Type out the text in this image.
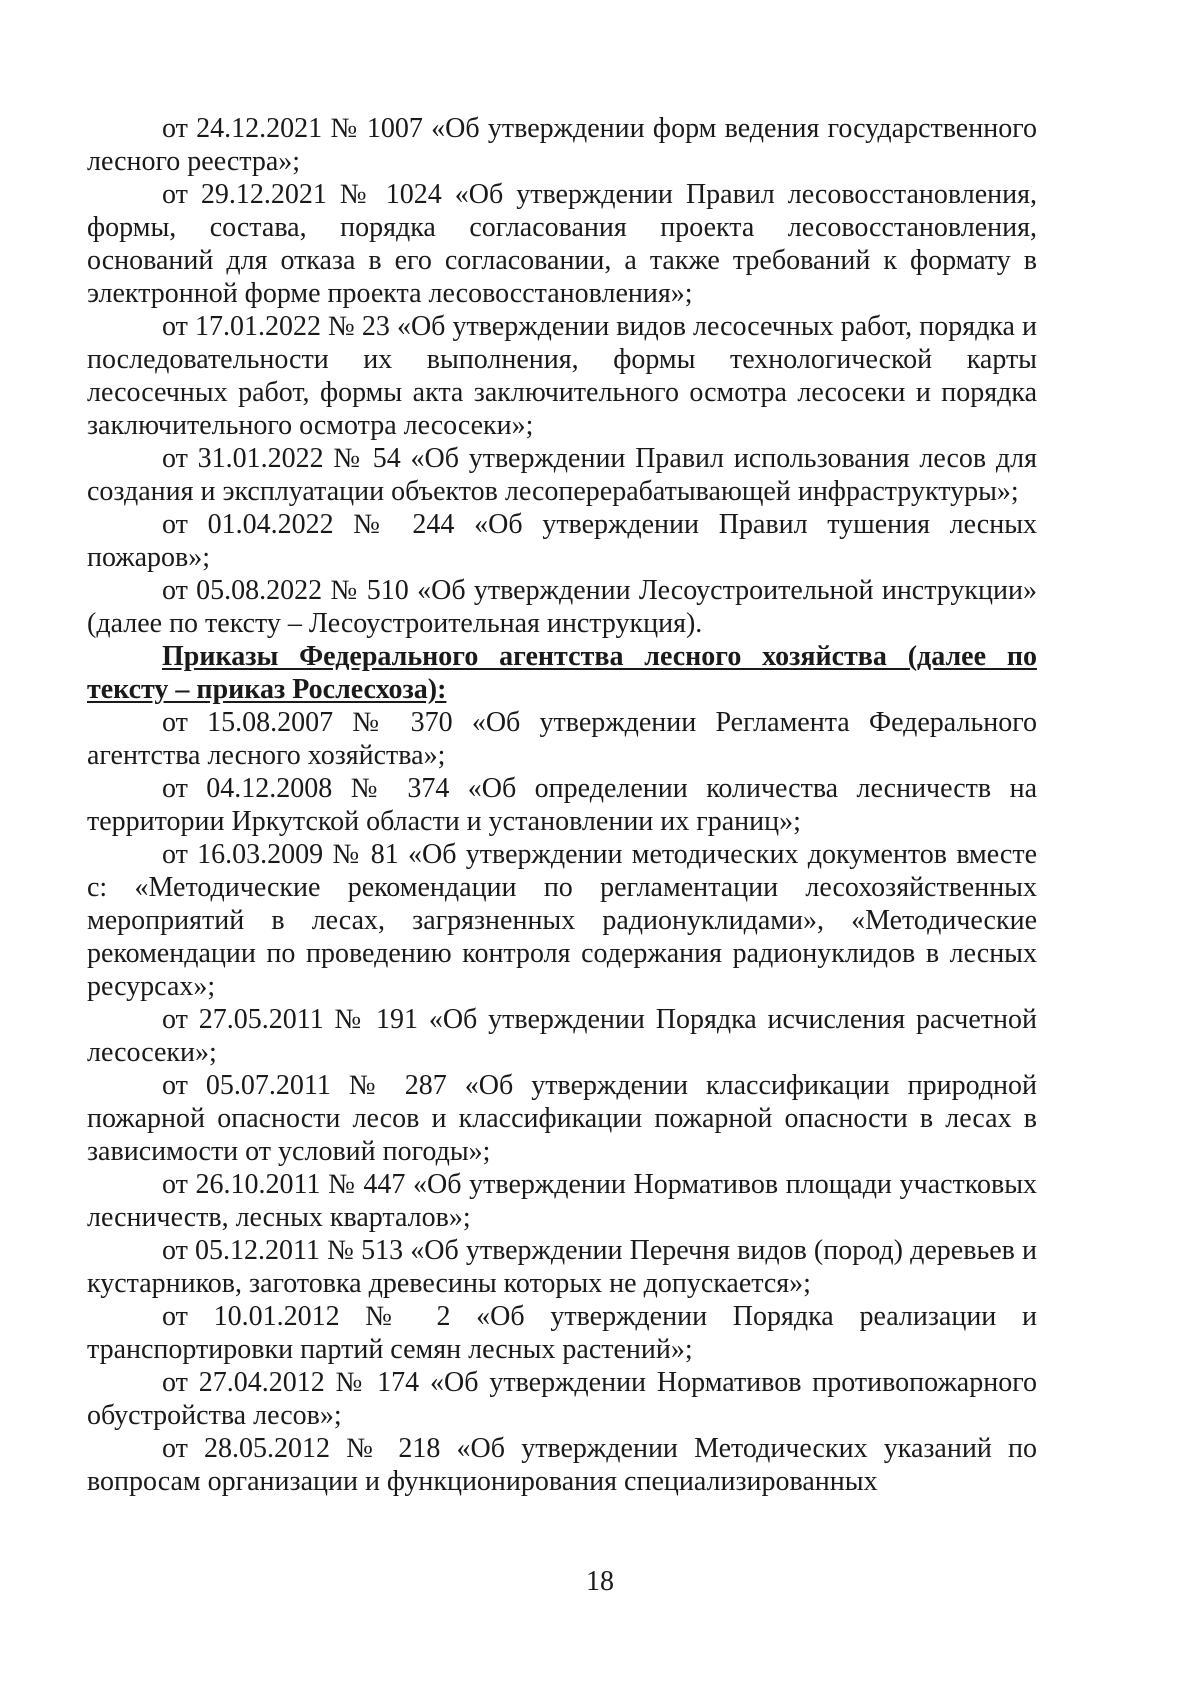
от 24.12.2021 № 1007 «Об утверждении форм ведения государственного лесного реестра»;

от 29.12.2021 № 1024 «Об утверждении Правил лесовосстановления, формы, состава, порядка согласования проекта лесовосстановления, оснований для отказа в его согласовании, а также требований к формату в электронной форме проекта лесовосстановления»;

от 17.01.2022 № 23 «Об утверждении видов лесосечных работ, порядка и последовательности их выполнения, формы технологической карты лесосечных работ, формы акта заключительного осмотра лесосеки и порядка заключительного осмотра лесосеки»;

от 31.01.2022 № 54 «Об утверждении Правил использования лесов для создания и эксплуатации объектов лесоперерабатывающей инфраструктуры»;

от 01.04.2022 № 244 «Об утверждении Правил тушения лесных пожаров»;

от 05.08.2022 № 510 «Об утверждении Лесоустроительной инструкции» (далее по тексту – Лесоустроительная инструкция).

Приказы Федерального агентства лесного хозяйства (далее по тексту – приказ Рослесхоза):

от 15.08.2007 № 370 «Об утверждении Регламента Федерального агентства лесного хозяйства»;

от 04.12.2008 № 374 «Об определении количества лесничеств на территории Иркутской области и установлении их границ»;

от 16.03.2009 № 81 «Об утверждении методических документов вместе с: «Методические рекомендации по регламентации лесохозяйственных мероприятий в лесах, загрязненных радионуклидами», «Методические рекомендации по проведению контроля содержания радионуклидов в лесных ресурсах»;

от 27.05.2011 № 191 «Об утверждении Порядка исчисления расчетной лесосеки»;

от 05.07.2011 № 287 «Об утверждении классификации природной пожарной опасности лесов и классификации пожарной опасности в лесах в зависимости от условий погоды»;

от 26.10.2011 № 447 «Об утверждении Нормативов площади участковых лесничеств, лесных кварталов»;

от 05.12.2011 № 513 «Об утверждении Перечня видов (пород) деревьев и кустарников, заготовка древесины которых не допускается»;

от 10.01.2012 № 2 «Об утверждении Порядка реализации и транспортировки партий семян лесных растений»;

от 27.04.2012 № 174 «Об утверждении Нормативов противопожарного обустройства лесов»;

от 28.05.2012 № 218 «Об утверждении Методических указаний по вопросам организации и функционирования специализированных

18
